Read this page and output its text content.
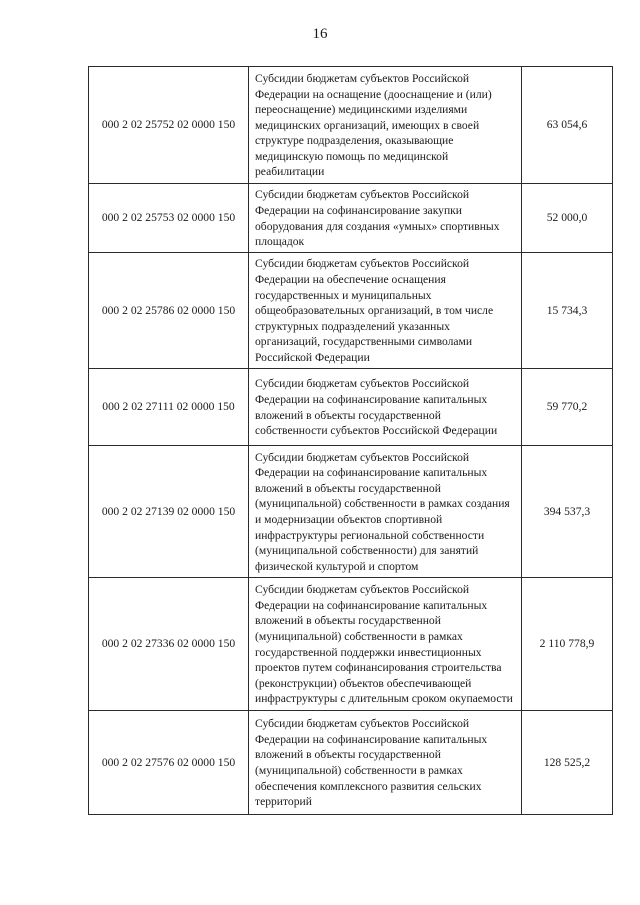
16
000 2 02 25752 02 0000 150	Субсидии бюджетам субъектов Российской Федерации на оснащение (дооснащение и (или) переоснащение) медицинскими изделиями медицинских организаций, имеющих в своей структуре подразделения, оказывающие медицинскую помощь по медицинской реабилитации	63 054,6
000 2 02 25753 02 0000 150	Субсидии бюджетам субъектов Российской Федерации на софинансирование закупки оборудования для создания «умных» спортивных площадок	52 000,0
000 2 02 25786 02 0000 150	Субсидии бюджетам субъектов Российской Федерации на обеспечение оснащения государственных и муниципальных общеобразовательных организаций, в том числе структурных подразделений указанных организаций, государственными символами Российской Федерации	15 734,3
000 2 02 27111 02 0000 150	Субсидии бюджетам субъектов Российской Федерации на софинансирование капитальных вложений в объекты государственной собственности субъектов Российской Федерации	59 770,2
000 2 02 27139 02 0000 150	Субсидии бюджетам субъектов Российской Федерации на софинансирование капитальных вложений в объекты государственной (муниципальной) собственности в рамках создания и модернизации объектов спортивной инфраструктуры региональной собственности (муниципальной собственности) для занятий физической культурой и спортом	394 537,3
000 2 02 27336 02 0000 150	Субсидии бюджетам субъектов Российской Федерации на софинансирование капитальных вложений в объекты государственной (муниципальной) собственности в рамках государственной поддержки инвестиционных проектов путем софинансирования строительства (реконструкции) объектов обеспечивающей инфраструктуры с длительным сроком окупаемости	2 110 778,9
000 2 02 27576 02 0000 150	Субсидии бюджетам субъектов Российской Федерации на софинансирование капитальных вложений в объекты государственной (муниципальной) собственности в рамках обеспечения комплексного развития сельских территорий	128 525,2
